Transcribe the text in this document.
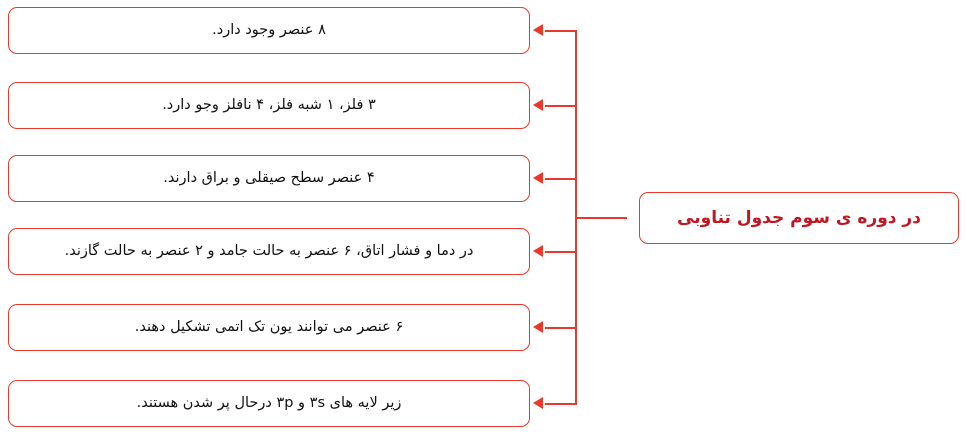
در دوره ی سوم جدول تناوبی
۸ عنصر وجود دارد.
۳ فلز، ۱ شبه فلز، ۴ نافلز وجو دارد.
۴ عنصر سطح صیقلی و براق دارند.
در دما و فشار اتاق، ۶ عنصر به حالت جامد و ۲ عنصر به حالت گازند.
۶ عنصر می توانند یون تک اتمی تشکیل دهند.
زیر لایه های ۳s و ۳p درحال پر شدن هستند.
